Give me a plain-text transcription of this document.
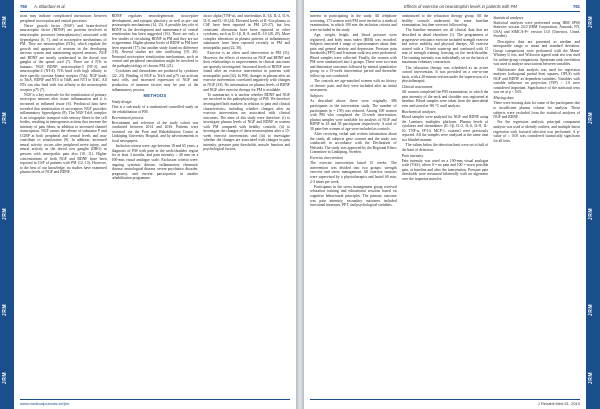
JRM
JRM
JRM
JRM
JRM
760 A. Bilardoni et al.

tions may indicate complicated interactions between peripheral nociception and central processes.

Nerve growth factor (NGF) and brain-derived neurotrophic factor (BDNF) are proteins involved in neurotrophic processes (neuroplasticity) associated with hyperalgesia (6, 7), and in nociceptive mechanisms of PM. They are neurotrophins (NTs), which regulate the growth and apoptosis of neurons in the developing nervous system and maintaining injured neurons. NGF and BDNF are mostly synthesized in the dorsal root ganglia of the spinal cord (7). There are 4 NTs in humans: NGF, BDNF, neurotrophin-3 (NT-3), and neurotrophin-4 (NT-4). NTs bind with high affinity to their specific tyrosine kinase receptor (Trk). NGF binds to TrkA, BDNF and NT4 to TrkB, and NT3 to TrkC. All NTs can also bind with low affinity to the neurotrophin receptor p75 (7).

NGF is a key molecule for the sensitization of primary nociceptor neurons after tissue inflammation and it is increased in inflamed tissue (6). Preclinical data have revealed that sensitization of nociceptors NGF provokes inflammatory hyperalgesia (8). The NGF-TrkA complex is an ortographic transport with sensory fibres to the cell bodies, resulting in neurogenesis actions that increase the intensity of pain fibres, in addition to increased channel transcription. NGF causes the release of substance P and CGRP at both peripheral and central levels and may contribute to sensitization (9). In addition, increased neural activity occurs after peripheral nerve injury, and neural activity in the dorsal root ganglia (DRG) in persons with neuropathic pain also (10, 11). Higher concentrations of both NGF and BDNF have been reported in CSF of patients with PM (12, 13). However, to the best of our knowledge, no studies have examined plasma levels of NGF and BDNF.

BDNF regulates neurodegenerate, nociceptive development, and synaptic plasticity, as well as pre- and postsynaptic mechanisms (14, 15). A possible key role of BDNF in the development and maintenance of central sensitization has been suggested (16). There are only a few studies of circulating BDNF in PM and they are not in agreement. Higher plasma levels of BDNF in PM have been reported (17), but another study found no difference (18). Several studies are also conflicting (19, 20). Neuronal nociceptive sensitization mechanisms, such as central and peripheral sensitization might be involved in the pathophysiology of chronic PM, (21).

Cytokines and chemokines are produced by cytokines (22, 23). Binding of NGF to TrkA and p75 can activate mast cells, and increased expression of NGF and production of immune factors may be part of the inflammatory process.

METHODS
Study design

This is a sub-study of a randomized controlled study on the rehabilitation of PM.

Recruitment process

Recruitment and selection of the study cohort was conducted between 2014 and 2016. Patients were recruited via the Pain and Rehabilitation Centre at Linköping University Hospital, and by advertisements in local newspapers.

Inclusion criteria were: age between 18 and 65 years, a diagnosis of PM with pain in the neck/shoulder region for at least 3 months, and pain intensity ≥ 40 mm on a 100-mm visual analogue scale. Exclusion criteria were: ongoing systemic disease, inflammatory rheumatic disease, neurological disease, severe psychiatric disorder, pregnancy, and current participation in another rehabilitation programme.

factor alpha (TNF-α), and interleukins IL-1β, IL-2, IL-6, IL-8, and IL-10 (24). Elevated levels of IL-6 in plasma or CSF have been reported in PM (25-27), but less consistent alterations have been reported in other cytokines, such as IL-1β, IL-8, and IL-10 (28, 29). More complex alterations in plasma patterns of inflammatory substances have been reported recently in PM and neuropathic pain (22, 30).

Exercise is an often used intervention in PM (31). However, the effects of exercise on NGF and BDNF and their relationships to improvements in clinical outcomes are sparsely investigated. Increased levels of BDNF were found after an exercise intervention in patients with neuropathic pain (32). In PM, changes in plasma after an exercise intervention correlated negatively with changes in NGF (33). No information on plasma levels of BDNF and NGF after exercise therapy for PM is available.

To summarize, it is unclear whether BDNF and NGF are involved in the pathophysiology of PM. We therefore investigated both markers in relation to pain and clinical characteristics, including whether changes after an exercise intervention are associated with clinical outcomes. The aims of this study were therefore: (i) to investigate plasma levels of NGF and BDNF in women with PM compared with healthy controls; (ii) to investigate the changes of these neurotrophins after a 15-week exercise intervention; and (iii) to investigate whether the changes are associated with changes in pain intensity, pressure pain thresholds, muscle function and psychological factors.

www.medicaljournals.se/jrm
JRM
JRM
JRM
JRM
JRM
Effects of exercise on neurotrophin levels in patients with PM	761

interest in participating in the study. All telephone screening, 173 women with PM were invited to a medical examination, in which 100 met the inclusion criteria and were included in the study.

Age, weight, height, and blood pressure were registered, and body mass index (BMI) was recorded. Subjects answered a range of questionnaires about their pain and general anxiety and depression. Pressure pain thresholds (PPT) and 6-minute walk test were performed. Blood samples were collected. Finally, the women with PM were randomized into 2 groups. These were two-arm and dimension outcomes followed by mental quantitative group, in a 15-week intervention period and thereafter follow-up was conducted.

The controls are age-matched women with no history of chronic pain, and they were included after an initial assessment.

Subjects

As described above, there were originally 386 participants in the intervention study. The number of participants (n = 159) was reduced. Among 100 women with PM who completed the 15-week intervention, plasma samples were available for analysis of NGF and BDNF in 43 and 58 participants respectively. A total of 30 pain-free women of age were included as controls.

After receiving verbal and written information about the study, all subjects gave consent and the study was conducted in accordance with the Declaration of Helsinki. The study was approved by the Regional Ethics Committee in Linköping, Sweden.

Exercise intervention

The exercise intervention lasted 15 weeks. The intervention was divided into two groups: strength exercise and stress management. All exercise sessions were supervised by a physiotherapist and lasted 60 min, 2-3 times per week.

Participants in the stress management group received relaxation training and educational sessions based on cognitive behavioural principles. The primary outcome was pain intensity; secondary outcomes included functional measures, PPT, and psychological variables.

randomized to the relaxation therapy group. All the healthy controls underwent the same baseline examination, but then were not followed up.

The baseline measures are all clinical data that are described in detail elsewhere (1). The programmes of progressive resistance exercise included strength exercise and active mobility and physical therapy. All exercise started with a 10-min warm-up and continued with 15 min of strength training focusing on the neck/shoulder. The training intensity was individually set on the basis of maximum voluntary contraction.

The relaxation therapy was scheduled as an active control intervention. It was provided on a one-to-one basis, with a 20-minute session under the supervision of a physiotherapist.

Clinical assessment

All women completed the PM examination, in which the pain intensity of the neck and shoulder was registered at baseline. Blood samples were taken from the antecubital vein and stored at -80 °C until analysis.

Biochemical analyses

Blood samples were analysed for NGF and BDNF using the Luminex multiplex platform. Plasma levels of cytokines and chemokines (IL-1β, IL-2, IL-6, IL-8, IL-10, TNF-α, IP-10, MCP-1, eotaxin) were previously reported. All the samples were analysed at the same time in a blinded manner.

The values below the detection limit were set to half of the limit of detection.

Pain intensity

Pain intensity was rated on a 100-mm visual analogue scale (VAS), where 0 = no pain and 100 = worst possible pain, at baseline and after the intervention. Pressure pain thresholds were measured bilaterally with an algometer over the trapezius muscles.

Statistical analyses

Statistical analyses were performed using IBM SPSS Statistics version 24.0 (IBM Corporation, Armonk, NY, USA) and SIMCA-P+ version 13.0 (Umetrics, Umeå, Sweden).

Descriptive data are presented as median and interquartile range or mean and standard deviation. Group comparisons were performed with the Mann-Whitney U test, and Wilcoxon signed rank test was used for within-group comparisons. Spearman rank correlation was used to analyse associations between variables.

Multivariate data analysis was used for regression analyses (orthogonal partial least squares, OPLS) with NGF and BDNF as dependent variables. Variables with variable influence on projection (VIP) > 1.0 were considered important. Significance of the statistical tests was set at p < 0.05.

Missing data

There were missing data for some of the participants due to insufficient plasma volume for analysis. These subjects were excluded from the statistical analyses of NGF and BDNF.

For the regression analysis, principal component analysis was used to identify outliers, and multiple linear regression with forward selection was performed. A p-value of ≤ 0.05 was considered statistically significant for all tests.

J Rehabil Med 51, 2019
